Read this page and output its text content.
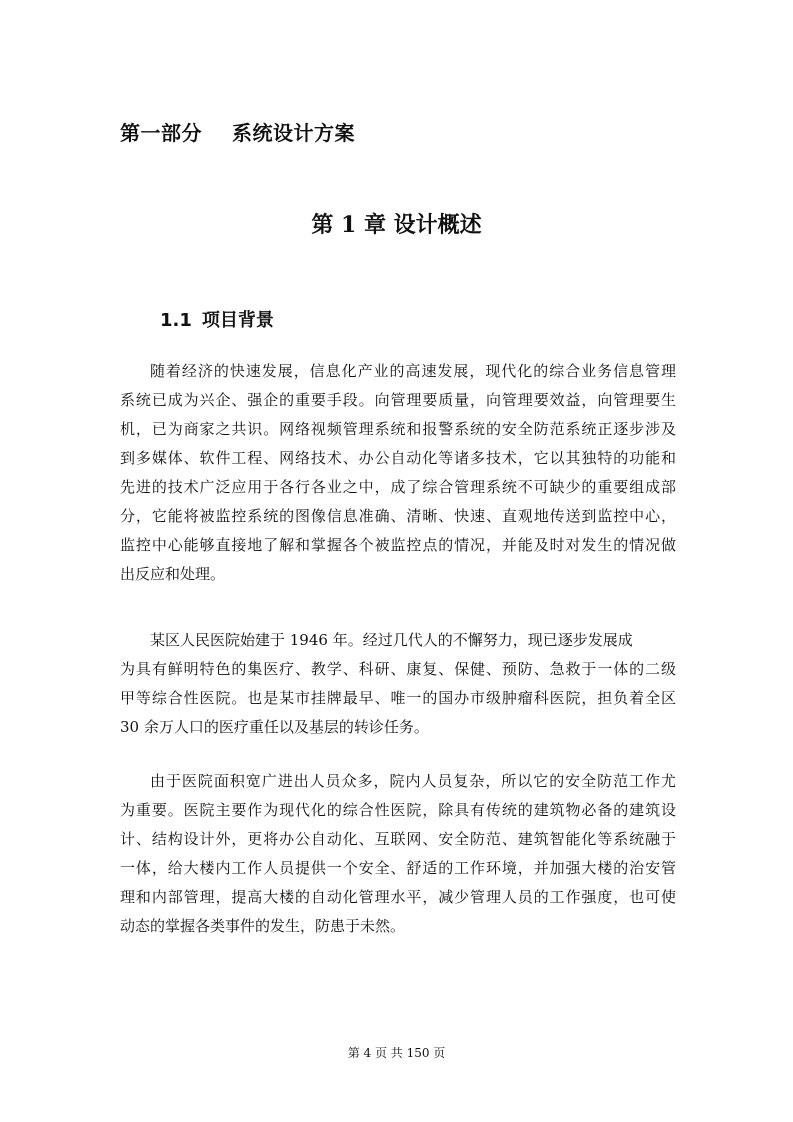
第一部分 系统设计方案
第 1 章 设计概述
1.1 项目背景
随着经济的快速发展，信息化产业的高速发展，现代化的综合业务信息管理
系统已成为兴企、强企的重要手段。向管理要质量，向管理要效益，向管理要生
机，已为商家之共识。网络视频管理系统和报警系统的安全防范系统正逐步涉及
到多媒体、软件工程、网络技术、办公自动化等诸多技术，它以其独特的功能和
先进的技术广泛应用于各行各业之中，成了综合管理系统不可缺少的重要组成部
分，它能将被监控系统的图像信息准确、清晰、快速、直观地传送到监控中心，
监控中心能够直接地了解和掌握各个被监控点的情况，并能及时对发生的情况做
出反应和处理。
某区人民医院始建于 1946 年。经过几代人的不懈努力，现已逐步发展成
为具有鲜明特色的集医疗、教学、科研、康复、保健、预防、急救于一体的二级
甲等综合性医院。也是某市挂牌最早、唯一的国办市级肿瘤科医院，担负着全区
30 余万人口的医疗重任以及基层的转诊任务。
由于医院面积宽广进出人员众多，院内人员复杂，所以它的安全防范工作尤
为重要。医院主要作为现代化的综合性医院，除具有传统的建筑物必备的建筑设
计、结构设计外，更将办公自动化、互联网、安全防范、建筑智能化等系统融于
一体，给大楼内工作人员提供一个安全、舒适的工作环境，并加强大楼的治安管
理和内部管理，提高大楼的自动化管理水平，减少管理人员的工作强度，也可使
动态的掌握各类事件的发生，防患于未然。
第 4 页 共 150 页
